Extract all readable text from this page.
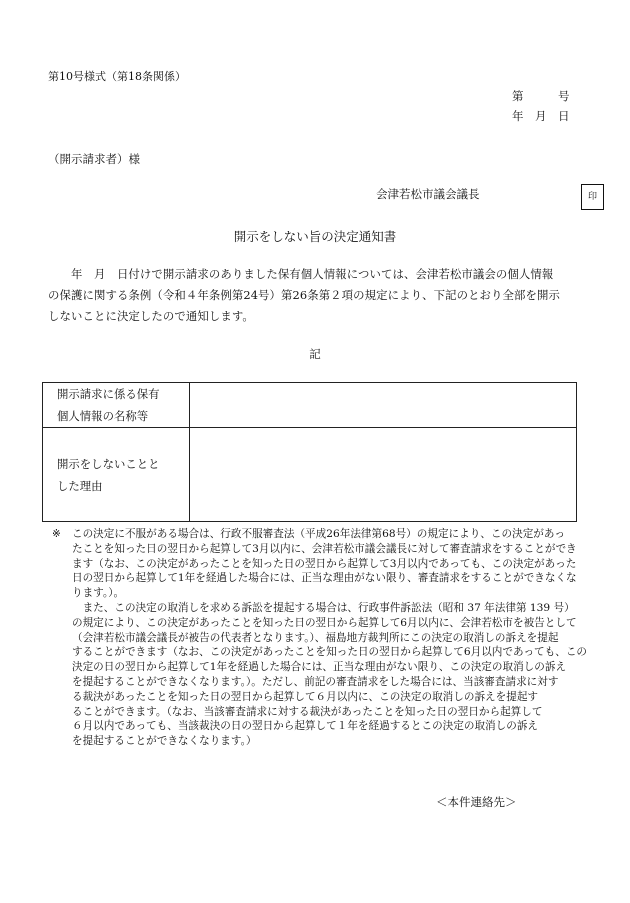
第10号様式（第18条関係）
第　　　号
年　月　日
（開示請求者）様
会津若松市議会議長	印
開示をしない旨の決定通知書
　　年　月　日付けで開示請求のありました保有個人情報については、会津若松市議会の個人情報
の保護に関する条例（令和４年条例第24号）第26条第２項の規定により、下記のとおり全部を開示
しないことに決定したので通知します。
記
開示請求に係る保有
個人情報の名称等	

開示をしないことと
した理由	

※ この決定に不服がある場合は、行政不服審査法（平成26年法律第68号）の規定により、この決定があっ
たことを知った日の翌日から起算して3月以内に、会津若松市議会議長に対して審査請求をすることができ
ます（なお、この決定があったことを知った日の翌日から起算して3月以内であっても、この決定があった
日の翌日から起算して1年を経過した場合には、正当な理由がない限り、審査請求をすることができなくな
ります。）。
　また、この決定の取消しを求める訴訟を提起する場合は、行政事件訴訟法（昭和 37 年法律第 139 号）
の規定により、この決定があったことを知った日の翌日から起算して6月以内に、会津若松市を被告として
（会津若松市議会議長が被告の代表者となります。）、福島地方裁判所にこの決定の取消しの訴えを提起
することができます（なお、この決定があったことを知った日の翌日から起算して6月以内であっても、この
決定の日の翌日から起算して1年を経過した場合には、正当な理由がない限り、この決定の取消しの訴え
を提起することができなくなります。）。ただし、前記の審査請求をした場合には、当該審査請求に対す
る裁決があったことを知った日の翌日から起算して６月以内に、この決定の取消しの訴えを提起す
ることができます。（なお、当該審査請求に対する裁決があったことを知った日の翌日から起算して
６月以内であっても、当該裁決の日の翌日から起算して１年を経過するとこの決定の取消しの訴え
を提起することができなくなります。）
＜本件連絡先＞
